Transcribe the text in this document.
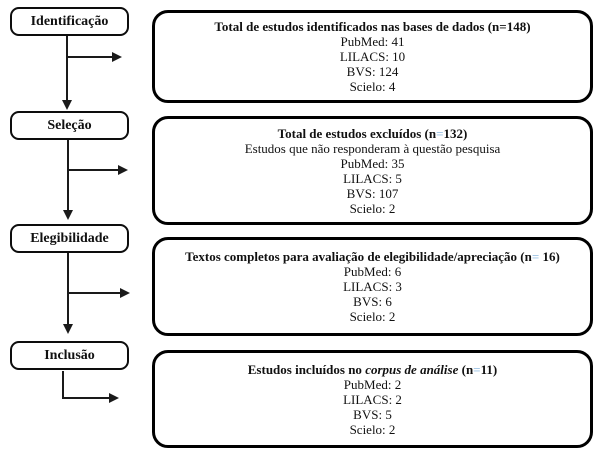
Identificação
Seleção
Elegibilidade
Inclusão
Total de estudos identificados nas bases de dados (n=148)
PubMed: 41
LILACS: 10
BVS: 124
Scielo: 4
Total de estudos excluídos (n=132)
Estudos que não responderam à questão pesquisa
PubMed: 35
LILACS: 5
BVS: 107
Scielo: 2
Textos completos para avaliação de elegibilidade/apreciação (n= 16)
PubMed: 6
LILACS: 3
BVS: 6
Scielo: 2
Estudos incluídos no corpus de análise (n=11)
PubMed: 2
LILACS: 2
BVS: 5
Scielo: 2
